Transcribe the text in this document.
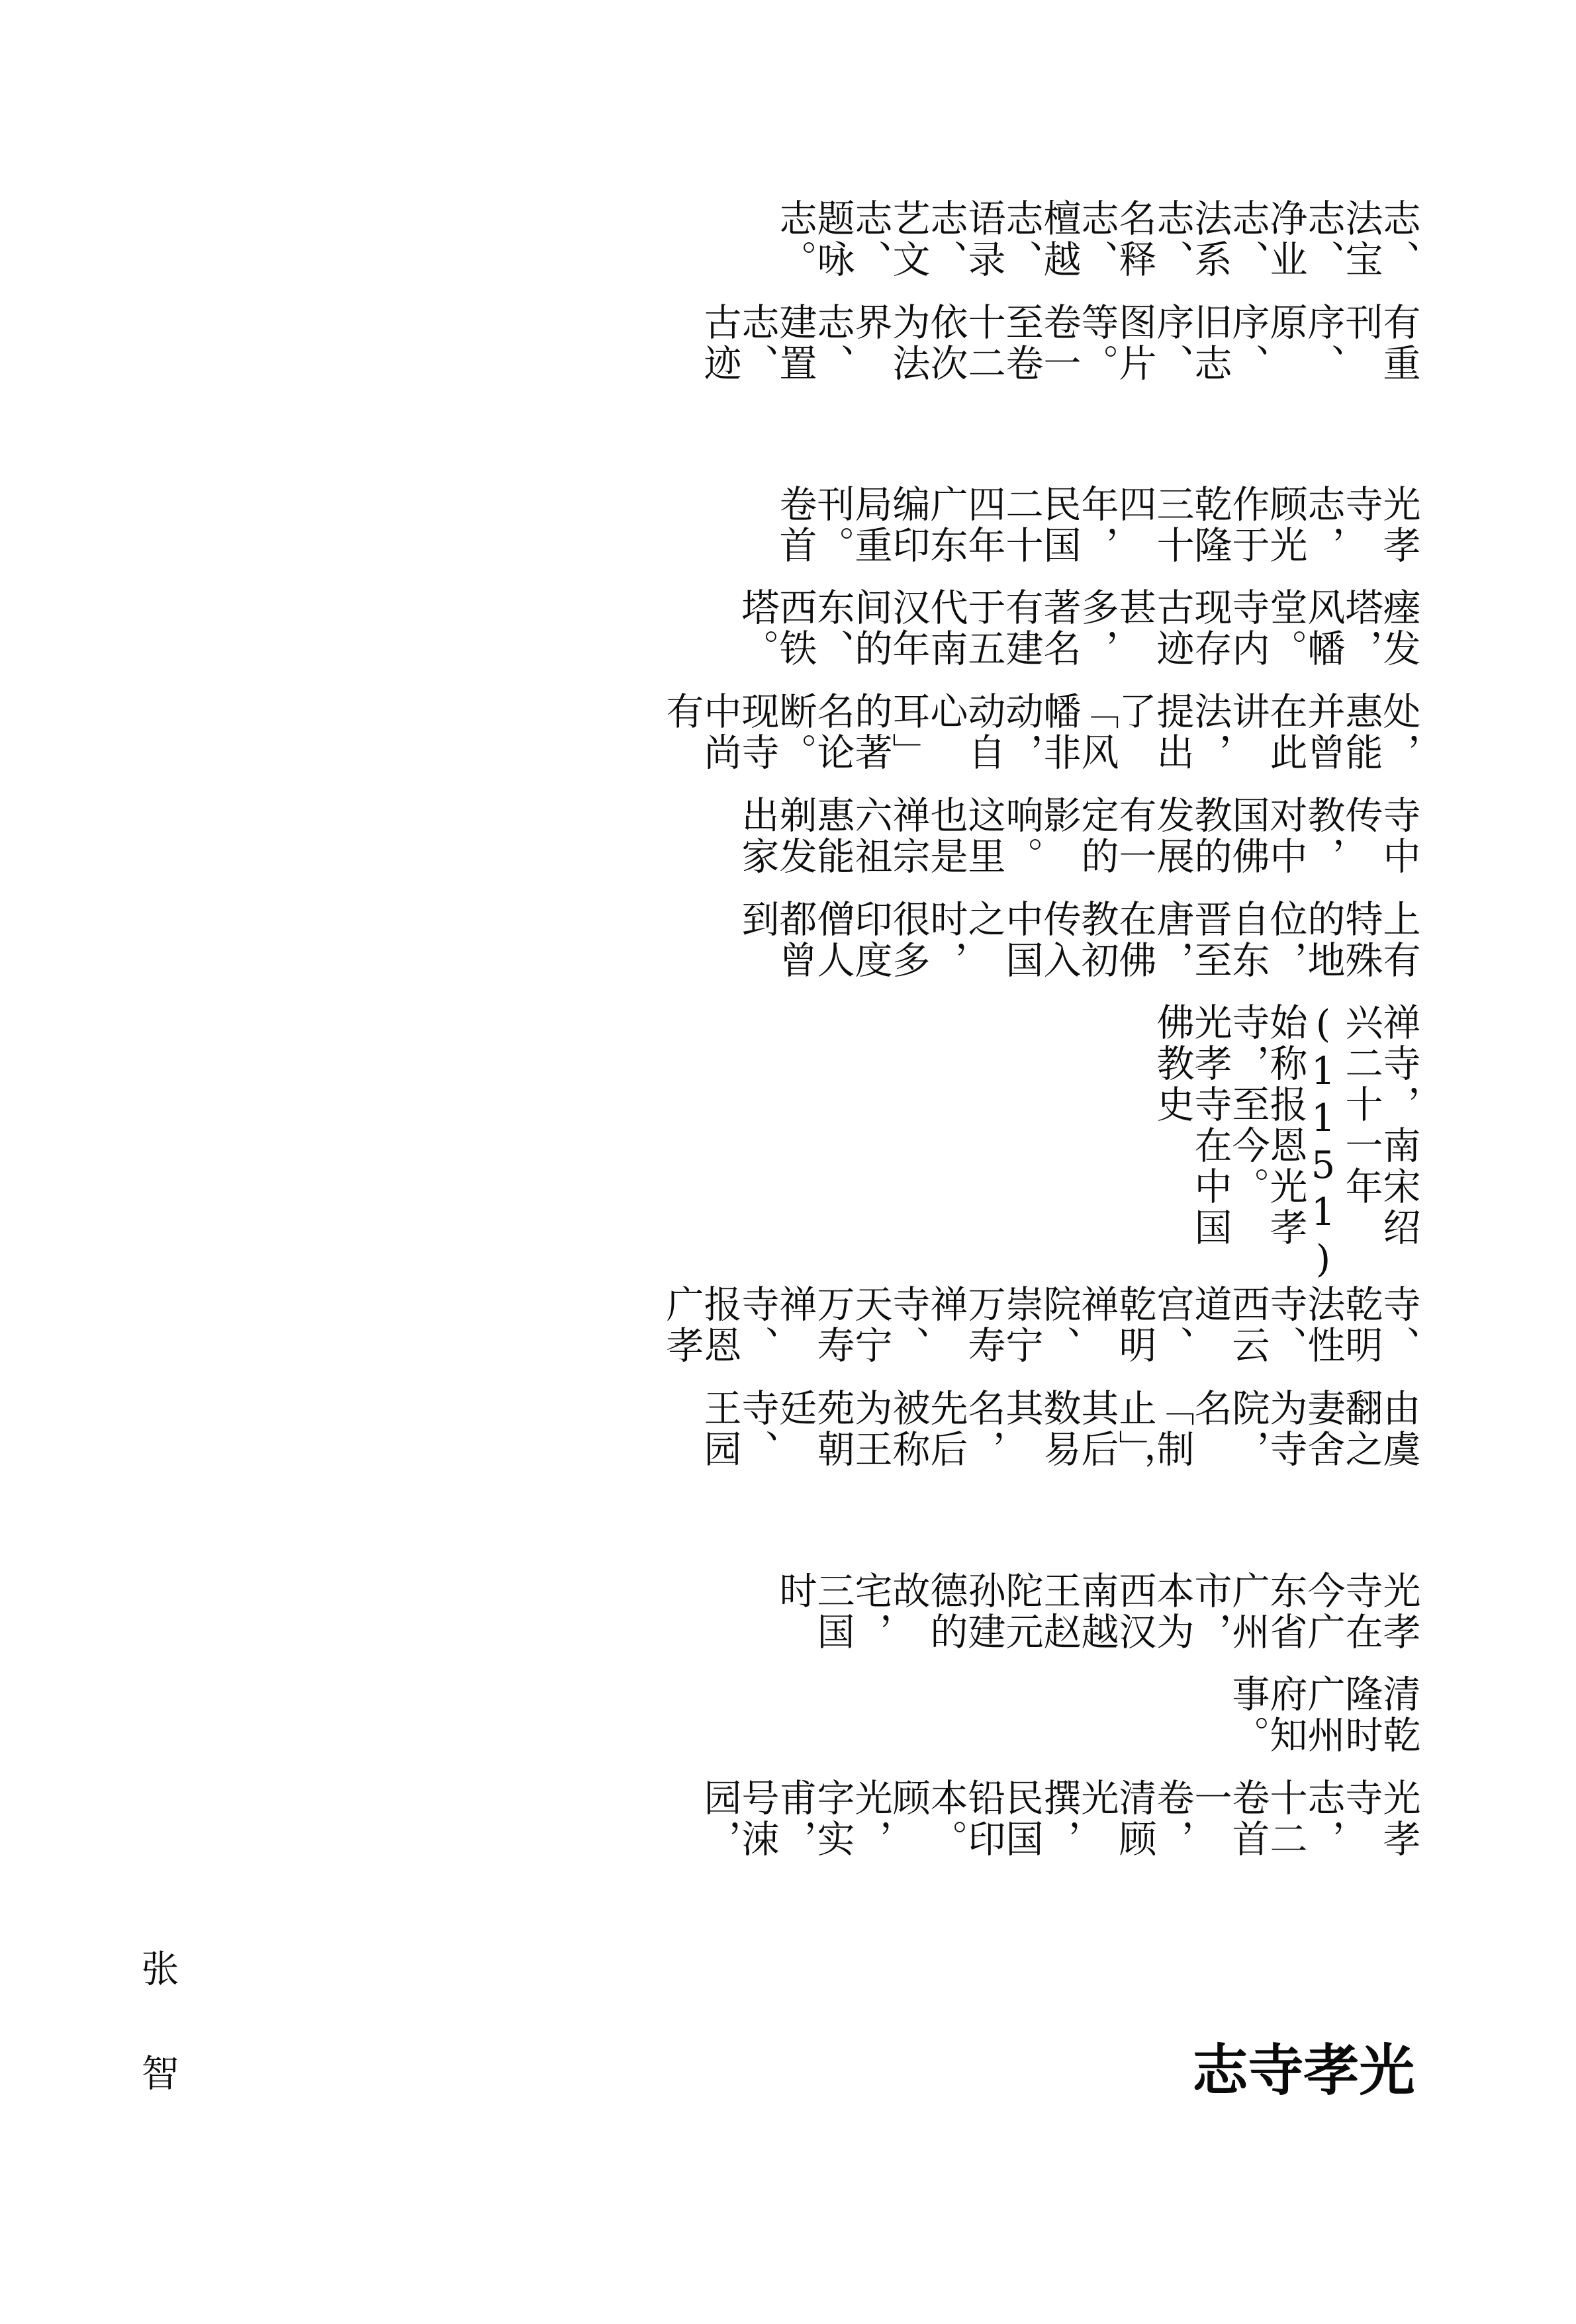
光孝寺志
光孝寺志，十二卷首一卷，清顾光撰，民国铅印本。顾光，字实甫，号涑园，
清乾隆时广州府知事。
光孝寺在今广东省广州市，本为西汉南越王赵陀元孙建德的故宅，三国时
由虞翻之妻舍为寺院，名「制止」，其后数易其名，先后被称为王苑朝廷寺、王园
寺、乾明法性寺、西云道宫、乾明禅院、崇宁万寿禅寺、天宁万寿禅寺、报恩广孝
禅寺，南宋绍兴二十一年(1151)始称报恩光孝寺，至今。 光孝寺在中国佛教史
上有特殊的地位，自东晋至唐，在佛教初传入中国之时，很多印度僧人都曾到
寺中传教，对中国佛教的发展有一定的影响。这里也是禅宗六祖惠能剃发出家
处，惠能并曾在此讲法，提出了「风幡非动，动自心耳」的著名论断。现寺中尚有
瘗发塔，风幡堂。 寺内现存古迹甚多，著名有建于五代南汉年间的东、西铁塔。
光孝寺志，顾光作于乾隆三十四年，民国二十四年广东编印局重刊。 卷首
有重刊序、原序、旧志序、图片等。 卷一至卷十二依次为法界志、建置志、古迹
志、法宝志、净业志、法系志、名释志、檀越志、语录志、艺文志、题咏志。
张　智
